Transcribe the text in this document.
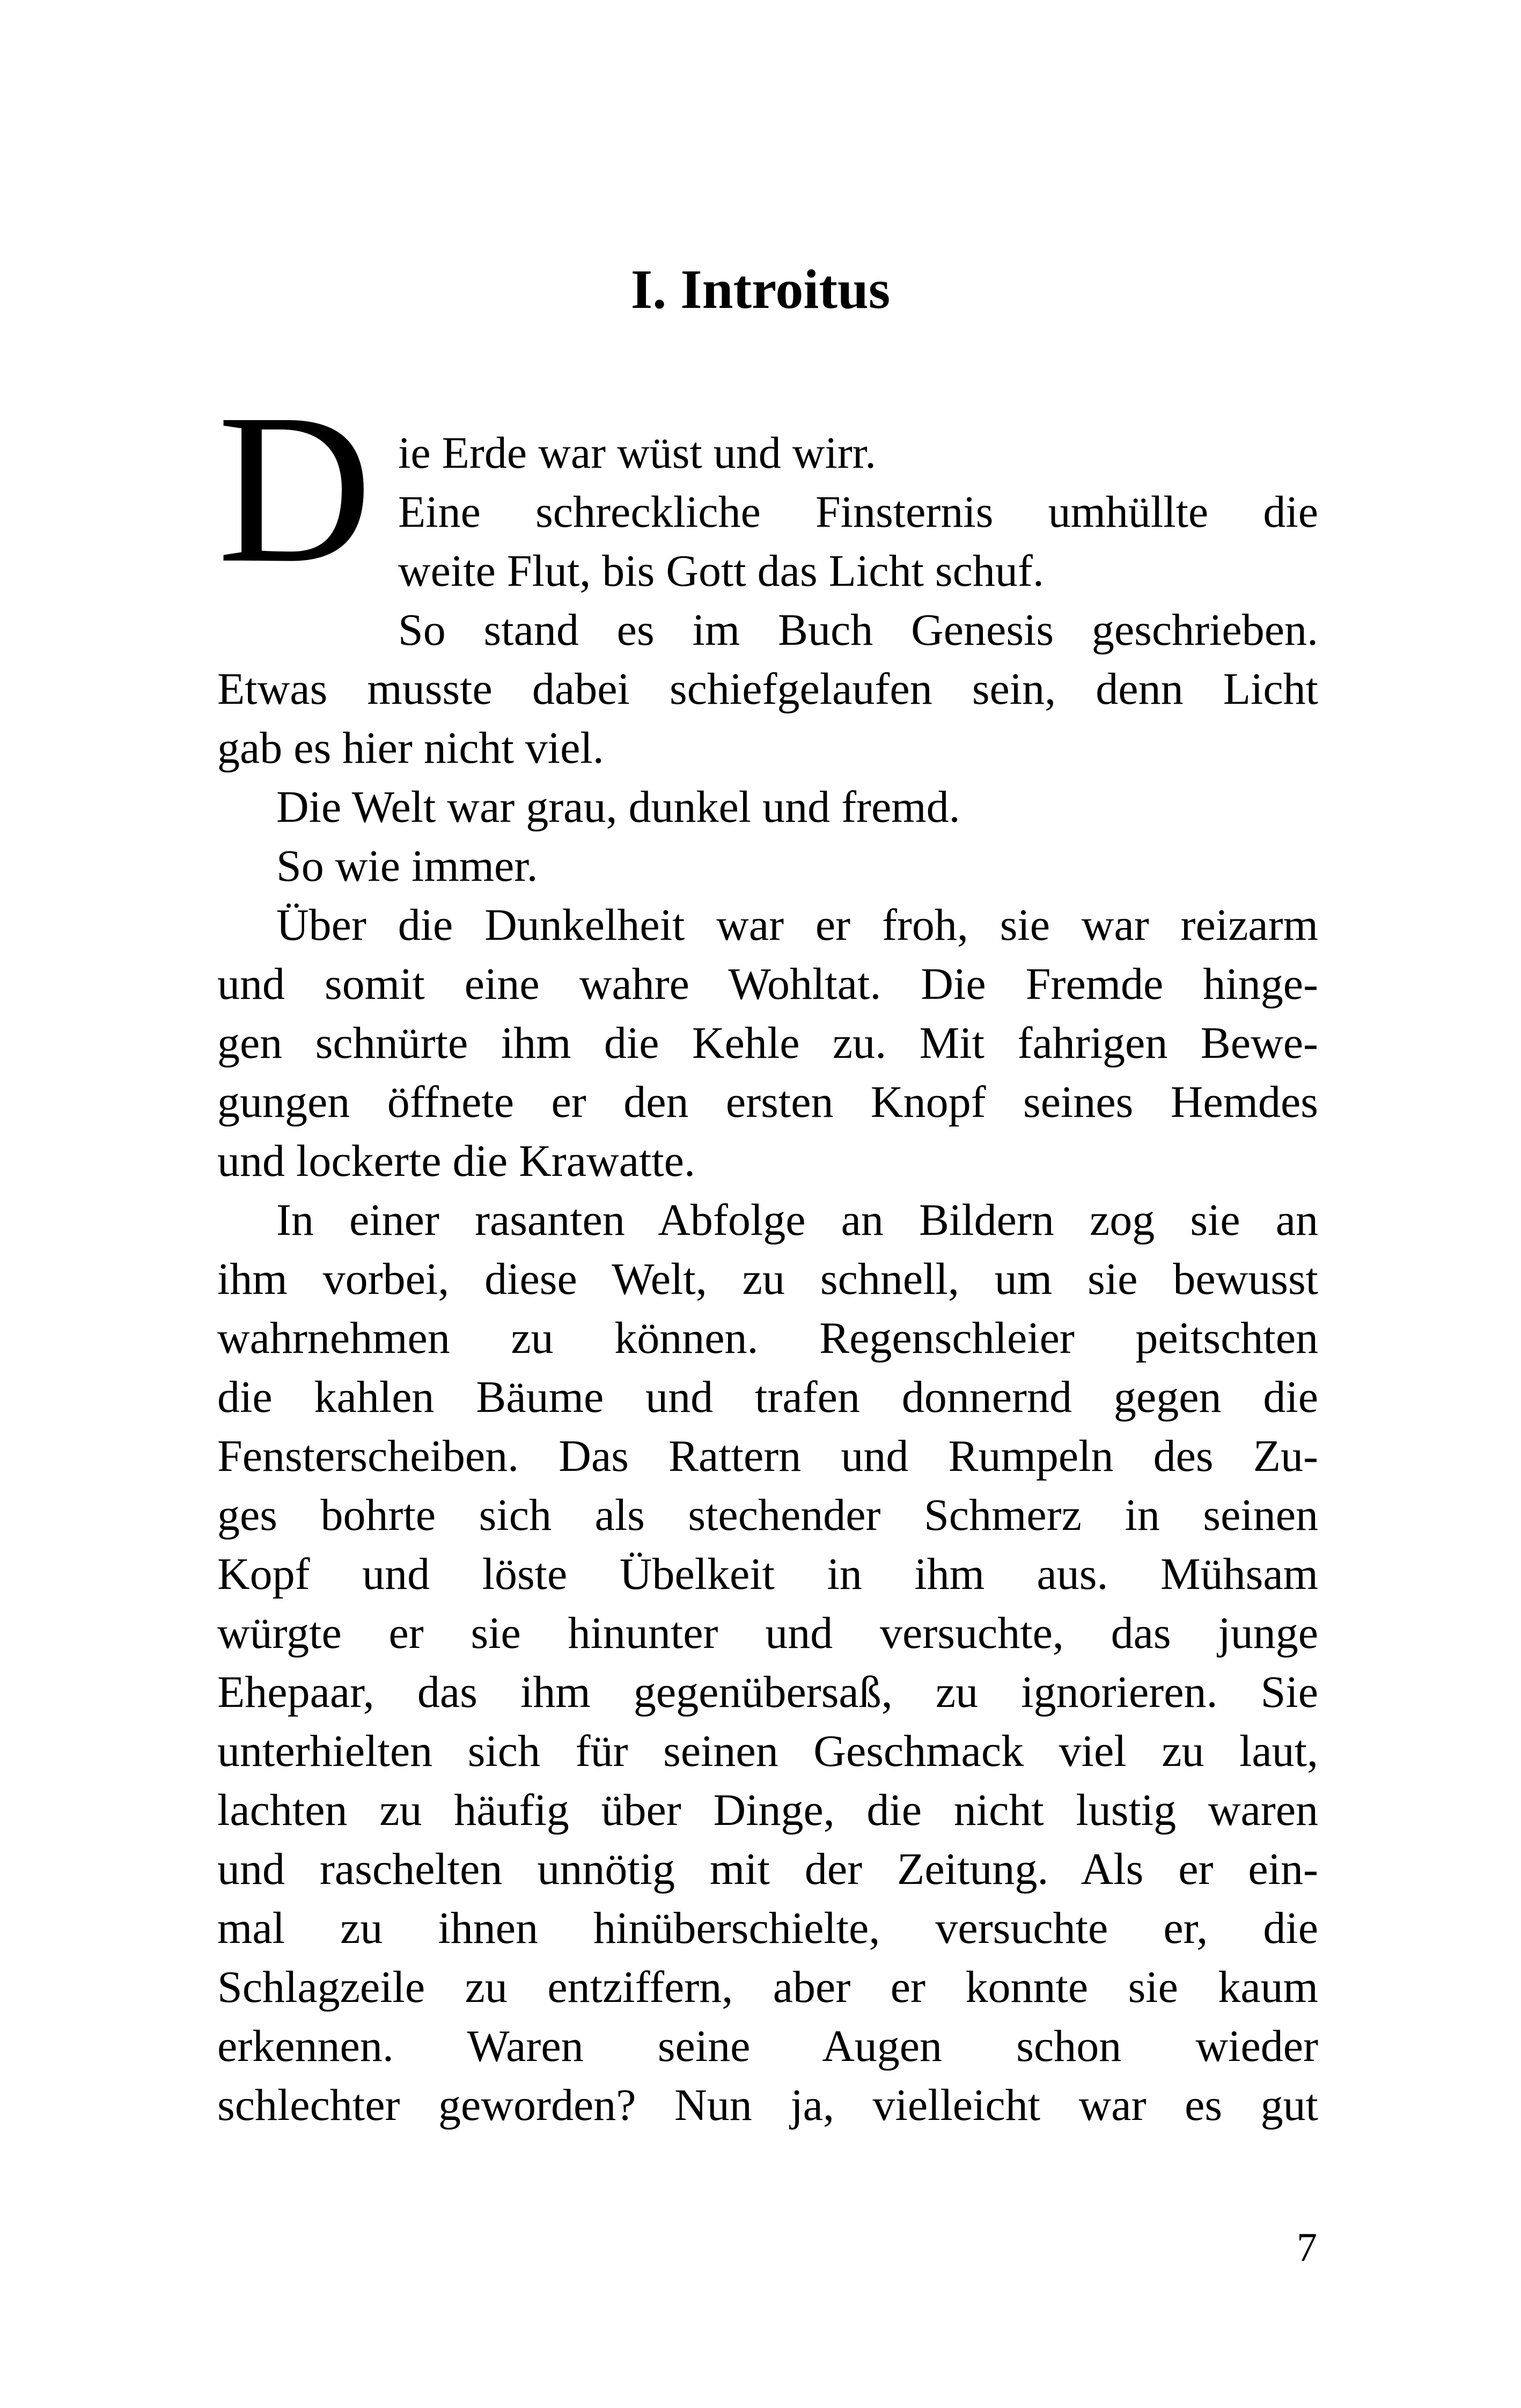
I. Introitus
D ie Erde war wüst und wirr.
Eine schreckliche Finsternis umhüllte die
weite Flut, bis Gott das Licht schuf.
So stand es im Buch Genesis geschrieben.
Etwas musste dabei schiefgelaufen sein, denn Licht
gab es hier nicht viel.
Die Welt war grau, dunkel und fremd.
So wie immer.
Über die Dunkelheit war er froh, sie war reizarm
und somit eine wahre Wohltat. Die Fremde hinge-
gen schnürte ihm die Kehle zu. Mit fahrigen Bewe-
gungen öffnete er den ersten Knopf seines Hemdes
und lockerte die Krawatte.
In einer rasanten Abfolge an Bildern zog sie an
ihm vorbei, diese Welt, zu schnell, um sie bewusst
wahrnehmen zu können. Regenschleier peitschten
die kahlen Bäume und trafen donnernd gegen die
Fensterscheiben. Das Rattern und Rumpeln des Zu-
ges bohrte sich als stechender Schmerz in seinen
Kopf und löste Übelkeit in ihm aus. Mühsam
würgte er sie hinunter und versuchte, das junge
Ehepaar, das ihm gegenübersaß, zu ignorieren. Sie
unterhielten sich für seinen Geschmack viel zu laut,
lachten zu häufig über Dinge, die nicht lustig waren
und raschelten unnötig mit der Zeitung. Als er ein-
mal zu ihnen hinüberschielte, versuchte er, die
Schlagzeile zu entziffern, aber er konnte sie kaum
erkennen. Waren seine Augen schon wieder
schlechter geworden? Nun ja, vielleicht war es gut
7
